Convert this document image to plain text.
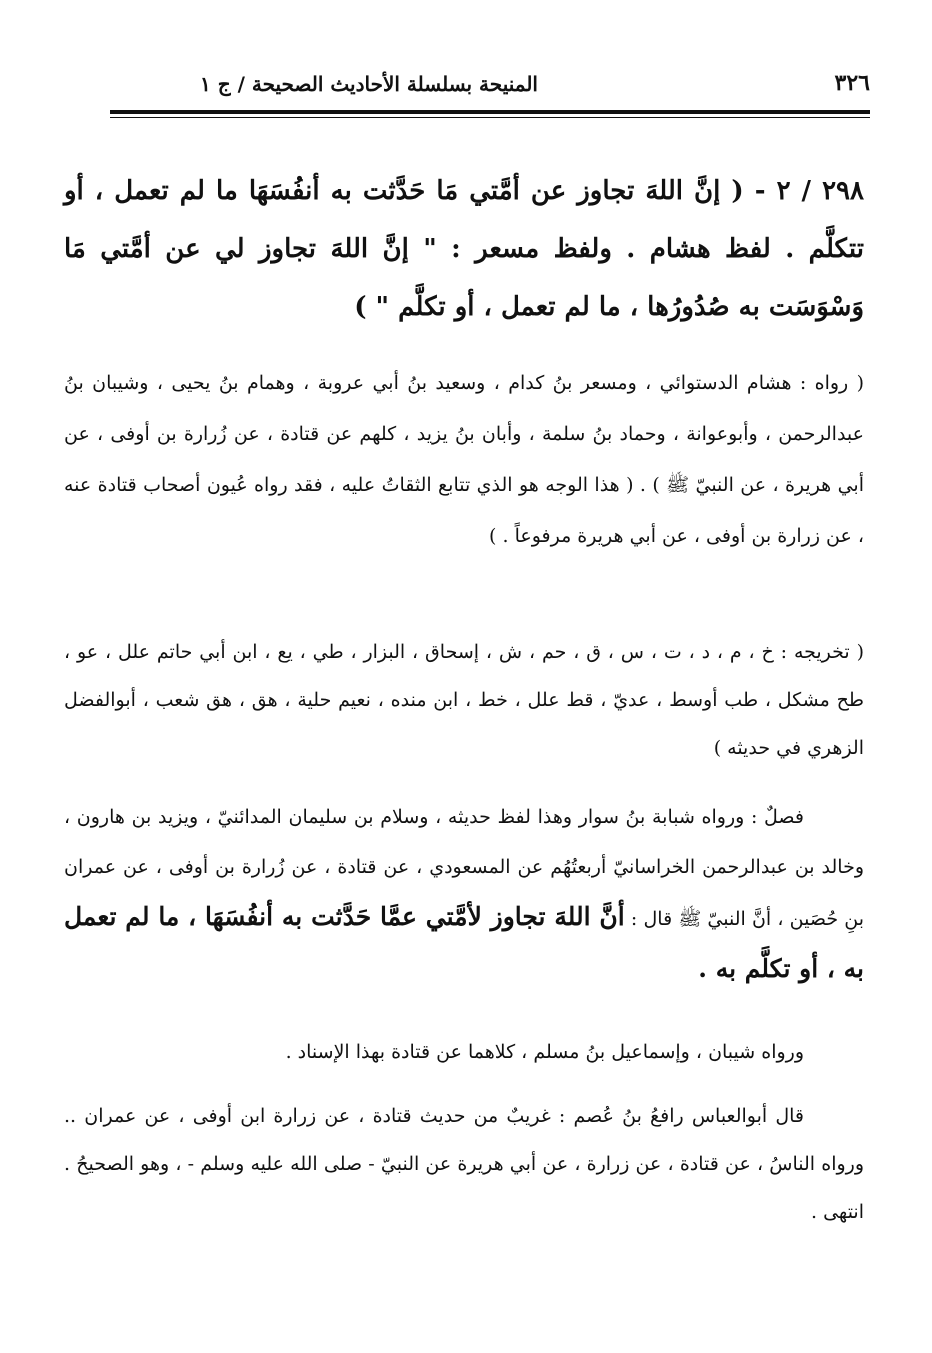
٣٢٦
المنيحة بسلسلة الأحاديث الصحيحة / ج ١

٢٩٨ / ٢ - ( إنَّ اللهَ تجاوز عن أمَّتي مَا حَدَّثت به أنفُسَهَا ما لم تعمل ، أو تتكلَّم . لفظ هشام . ولفظ مسعر : " إنَّ اللهَ تجاوز لي عن أمَّتي مَا وَسْوَسَت به صُدُورُها ، ما لم تعمل ، أو تكلَّم " )

( رواه : هشام الدستوائي ، ومسعر بنُ كدام ، وسعيد بنُ أبي عروبة ، وهمام بنُ يحيى ، وشيبان بنُ عبدالرحمن ، وأبوعوانة ، وحماد بنُ سلمة ، وأبان بنُ يزيد ، كلهم عن قتادة ، عن زُرارة بن أوفى ، عن أبي هريرة ، عن النبيّ ﷺ ) . ( هذا الوجه هو الذي تتابع الثقاتُ عليه ، فقد رواه عُيون أصحاب قتادة عنه ، عن زرارة بن أوفى ، عن أبي هريرة مرفوعاً . )

( تخريجه : خ ، م ، د ، ت ، س ، ق ، حم ، ش ، إسحاق ، البزار ، طي ، يع ، ابن أبي حاتم علل ، عو ، طح مشكل ، طب أوسط ، عديّ ، قط علل ، خط ، ابن منده ، نعيم حلية ، هق ، هق شعب ، أبوالفضل الزهري في حديثه )

فصلٌ : ورواه شبابة بنُ سوار وهذا لفظ حديثه ، وسلام بن سليمان المدائنيّ ، ويزيد بن هارون ، وخالد بن عبدالرحمن الخراسانيّ أربعتُهُم عن المسعودي ، عن قتادة ، عن زُرارة بن أوفى ، عن عمران بنِ حُصَين ، أنَّ النبيّ ﷺ قال : أنَّ اللهَ تجاوز لأمَّتي عمَّا حَدَّثت به أنفُسَهَا ، ما لم تعمل به ، أو تكلَّم به .

ورواه شيبان ، وإسماعيل بنُ مسلم ، كلاهما عن قتادة بهذا الإسناد .

قال أبوالعباس رافعُ بنُ عُصم : غريبٌ من حديث قتادة ، عن زرارة ابن أوفى ، عن عمران .. ورواه الناسُ ، عن قتادة ، عن زرارة ، عن أبي هريرة عن النبيّ - صلى الله عليه وسلم - ، وهو الصحيحُ . انتهى .
